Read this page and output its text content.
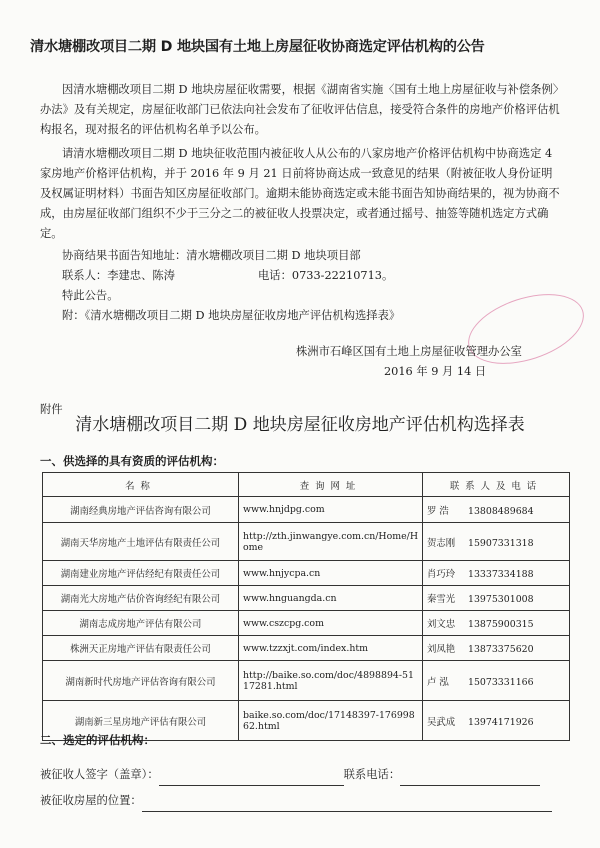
清水塘棚改项目二期 D 地块国有土地上房屋征收协商选定评估机构的公告
因清水塘棚改项目二期 D 地块房屋征收需要，根据《湖南省实施〈国有土地上房屋征收与补偿条例〉办法》及有关规定，房屋征收部门已依法向社会发布了征收评估信息，接受符合条件的房地产价格评估机构报名，现对报名的评估机构名单予以公布。
请清水塘棚改项目二期 D 地块征收范围内被征收人从公布的八家房地产价格评估机构中协商选定 4 家房地产价格评估机构，并于 2016 年 9 月 21 日前将协商达成一致意见的结果（附被征收人身份证明及权属证明材料）书面告知区房屋征收部门。逾期未能协商选定或未能书面告知协商结果的，视为协商不成，由房屋征收部门组织不少于三分之二的被征收人投票决定，或者通过摇号、抽签等随机选定方式确定。
协商结果书面告知地址：清水塘棚改项目二期 D 地块项目部
联系人：李建忠、陈涛	电话：0733-22210713。
特此公告。
附：《清水塘棚改项目二期 D 地块房屋征收房地产评估机构选择表》
株洲市石峰区国有土地上房屋征收管理办公室
2016 年 9 月 14 日
附件
清水塘棚改项目二期 D 地块房屋征收房地产评估机构选择表
一、供选择的具有资质的评估机构：
名称	查询网址	联系人及电话
湖南经典房地产评估咨询有限公司	www.hnjdpg.com	罗 浩 13808489684
湖南天华房地产土地评估有限责任公司	http://zth.jinwangye.com.cn/Home/Home	贺志刚 15907331318
湖南建业房地产评估经纪有限责任公司	www.hnjycpa.cn	肖巧玲 13337334188
湖南光大房地产估价咨询经纪有限公司	www.hnguangda.cn	秦雪光 13975301008
湖南志成房地产评估有限公司	www.cszcpg.com	刘文忠 13875900315
株洲天正房地产评估有限责任公司	www.tzzxjt.com/index.htm	刘凤艳 13873375620
湖南新时代房地产评估咨询有限公司	http://baike.so.com/doc/4898894-5117281.html	卢 泓 15073331166
湖南新三星房地产评估有限公司	baike.so.com/doc/17148397-17699862.html	吴武成 13974171926
二、选定的评估机构：
被征收人签字（盖章）：	联系电话：
被征收房屋的位置：
